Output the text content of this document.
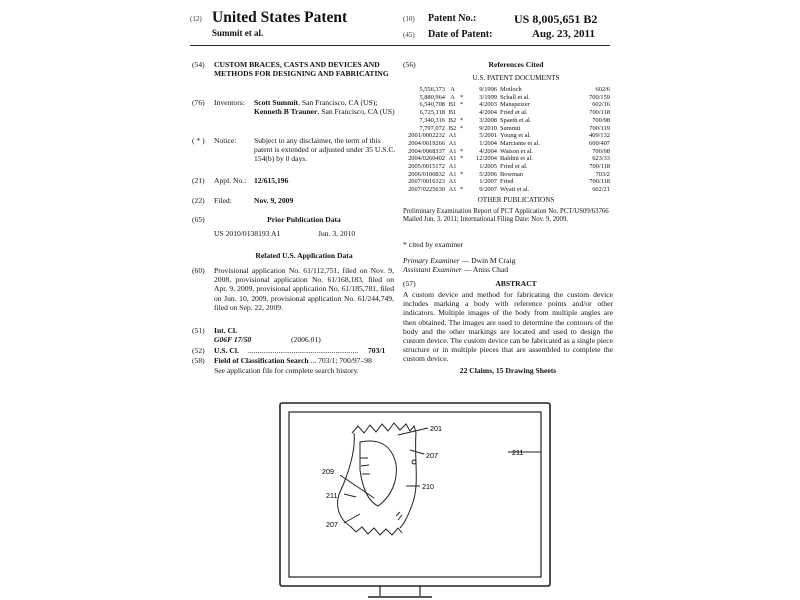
(12) United States Patent
Summit et al.
(10) Patent No.:	US 8,005,651 B2
(45) Date of Patent:	Aug. 23, 2011
(54) CUSTOM BRACES, CASTS AND DEVICES AND METHODS FOR DESIGNING AND FABRICATING
(76) Inventors: Scott Summit, San Francisco, CA (US); Kenneth B Trauner, San Francisco, CA (US)
( * ) Notice: Subject to any disclaimer, the term of this patent is extended or adjusted under 35 U.S.C. 154(b) by 0 days.
(21) Appl. No.: 12/615,196
(22) Filed:	Nov. 9, 2009
(65)	Prior Publication Data
US 2010/0138193 A1	Jun. 3, 2010
Related U.S. Application Data
(60) Provisional application No. 61/112,751, filed on Nov. 9, 2008, provisional application No. 61/168,183, filed on Apr. 9, 2009, provisional application No. 61/185,781, filed on Jun. 10, 2009, provisional application No. 61/244,749, filed on Sep. 22, 2009.
(51) Int. Cl.
G06F 17/50	(2006.01)
(52) U.S. Cl. ..........................................................	703/1
(58) Field of Classification Search ... 703/1; 700/97–98
See application file for complete search history.
(56)	References Cited
U.S. PATENT DOCUMENTS
5,556,373 A	9/1996 Motloch	602/6
5,880,964 A *	3/1999 Schall et al.	700/159
6,540,708 B1 *	4/2003 Manspeizer	602/16
6,725,118 B1	4/2004 Fried et al.	700/118
7,340,316 B2 *	3/2008 Spaeth et al.	700/98
7,797,072 B2 *	9/2010 Summit	700/119
2001/0002232 A1	5/2001 Young et al.	409/132
2004/0019266 A1	1/2004 Marciante et al.	600/407
2004/0068337 A1 *	4/2004 Watson et al.	700/98
2004/0260402 A1 *	12/2004 Baldini et al.	623/33
2005/0015172 A1	1/2005 Fried et al.	700/118
2006/0100832 A1 *	5/2006 Bowman	703/2
2007/0016323 A1	1/2007 Fried	700/118
2007/0225630 A1 *	9/2007 Wyatt et al.	602/21
OTHER PUBLICATIONS
Preliminary Examination Report of PCT Application No. PCT/US09/63766 Mailed Jun. 3, 2011; International Filing Date: Nov. 9, 2009.
* cited by examiner
Primary Examiner — Dwin M Craig
Assistant Examiner — Aniss Chad
(57)	ABSTRACT
A custom device and method for fabricating the custom device includes marking a body with reference points and/or other indicators. Multiple images of the body from multiple angles are then obtained. The images are used to determine the contours of the body and the other markings are located and used to design the custom device. The custom device can be fabricated as a single piece structure or in multiple pieces that are assembled to complete the custom device.
22 Claims, 15 Drawing Sheets
201
207	211
209
211
210
207
